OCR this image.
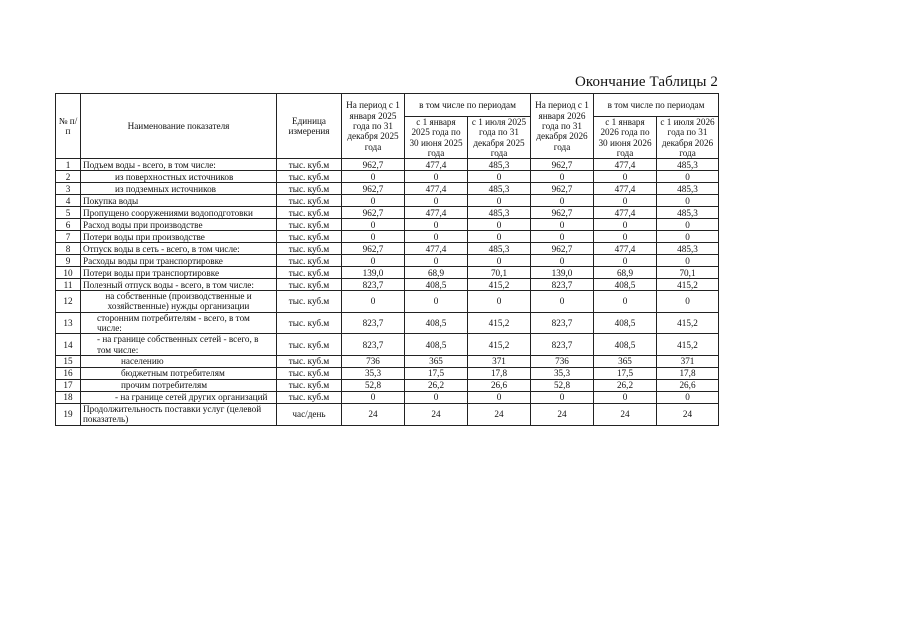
Окончание Таблицы 2
№ п/п	Наименование показателя	Единица измерения	На период с 1 января 2025 года по 31 декабря 2025 года	в том числе по периодам		На период с 1 января 2026 года по 31 декабря 2026 года	в том числе по периодам	
				с 1 января 2025 года по 30 июня 2025 года	с 1 июля 2025 года по 31 декабря 2025 года		с 1 января 2026 года по 30 июня 2026 года	с 1 июля 2026 года по 31 декабря 2026 года
1	Подъем воды - всего, в том числе:	тыс. куб.м	962,7	477,4	485,3	962,7	477,4	485,3
2	из поверхностных источников	тыс. куб.м	0	0	0	0	0	0
3	из подземных источников	тыс. куб.м	962,7	477,4	485,3	962,7	477,4	485,3
4	Покупка воды	тыс. куб.м	0	0	0	0	0	0
5	Пропущено сооружениями водоподготовки	тыс. куб.м	962,7	477,4	485,3	962,7	477,4	485,3
6	Расход воды при производстве	тыс. куб.м	0	0	0	0	0	0
7	Потери воды при производстве	тыс. куб.м	0	0	0	0	0	0
8	Отпуск воды в сеть - всего, в том числе:	тыс. куб.м	962,7	477,4	485,3	962,7	477,4	485,3
9	Расходы воды при транспортировке	тыс. куб.м	0	0	0	0	0	0
10	Потери воды при транспортировке	тыс. куб.м	139,0	68,9	70,1	139,0	68,9	70,1
11	Полезный отпуск воды - всего, в том числе:	тыс. куб.м	823,7	408,5	415,2	823,7	408,5	415,2
12	на собственные (производственные и хозяйственные) нужды организации	тыс. куб.м	0	0	0	0	0	0
13	сторонним потребителям - всего, в том числе:	тыс. куб.м	823,7	408,5	415,2	823,7	408,5	415,2
14	- на границе собственных сетей - всего, в том числе:	тыс. куб.м	823,7	408,5	415,2	823,7	408,5	415,2
15	населению	тыс. куб.м	736	365	371	736	365	371
16	бюджетным потребителям	тыс. куб.м	35,3	17,5	17,8	35,3	17,5	17,8
17	прочим потребителям	тыс. куб.м	52,8	26,2	26,6	52,8	26,2	26,6
18	- на границе сетей других организаций	тыс. куб.м	0	0	0	0	0	0
19	Продолжительность поставки услуг (целевой показатель)	час/день	24	24	24	24	24	24
